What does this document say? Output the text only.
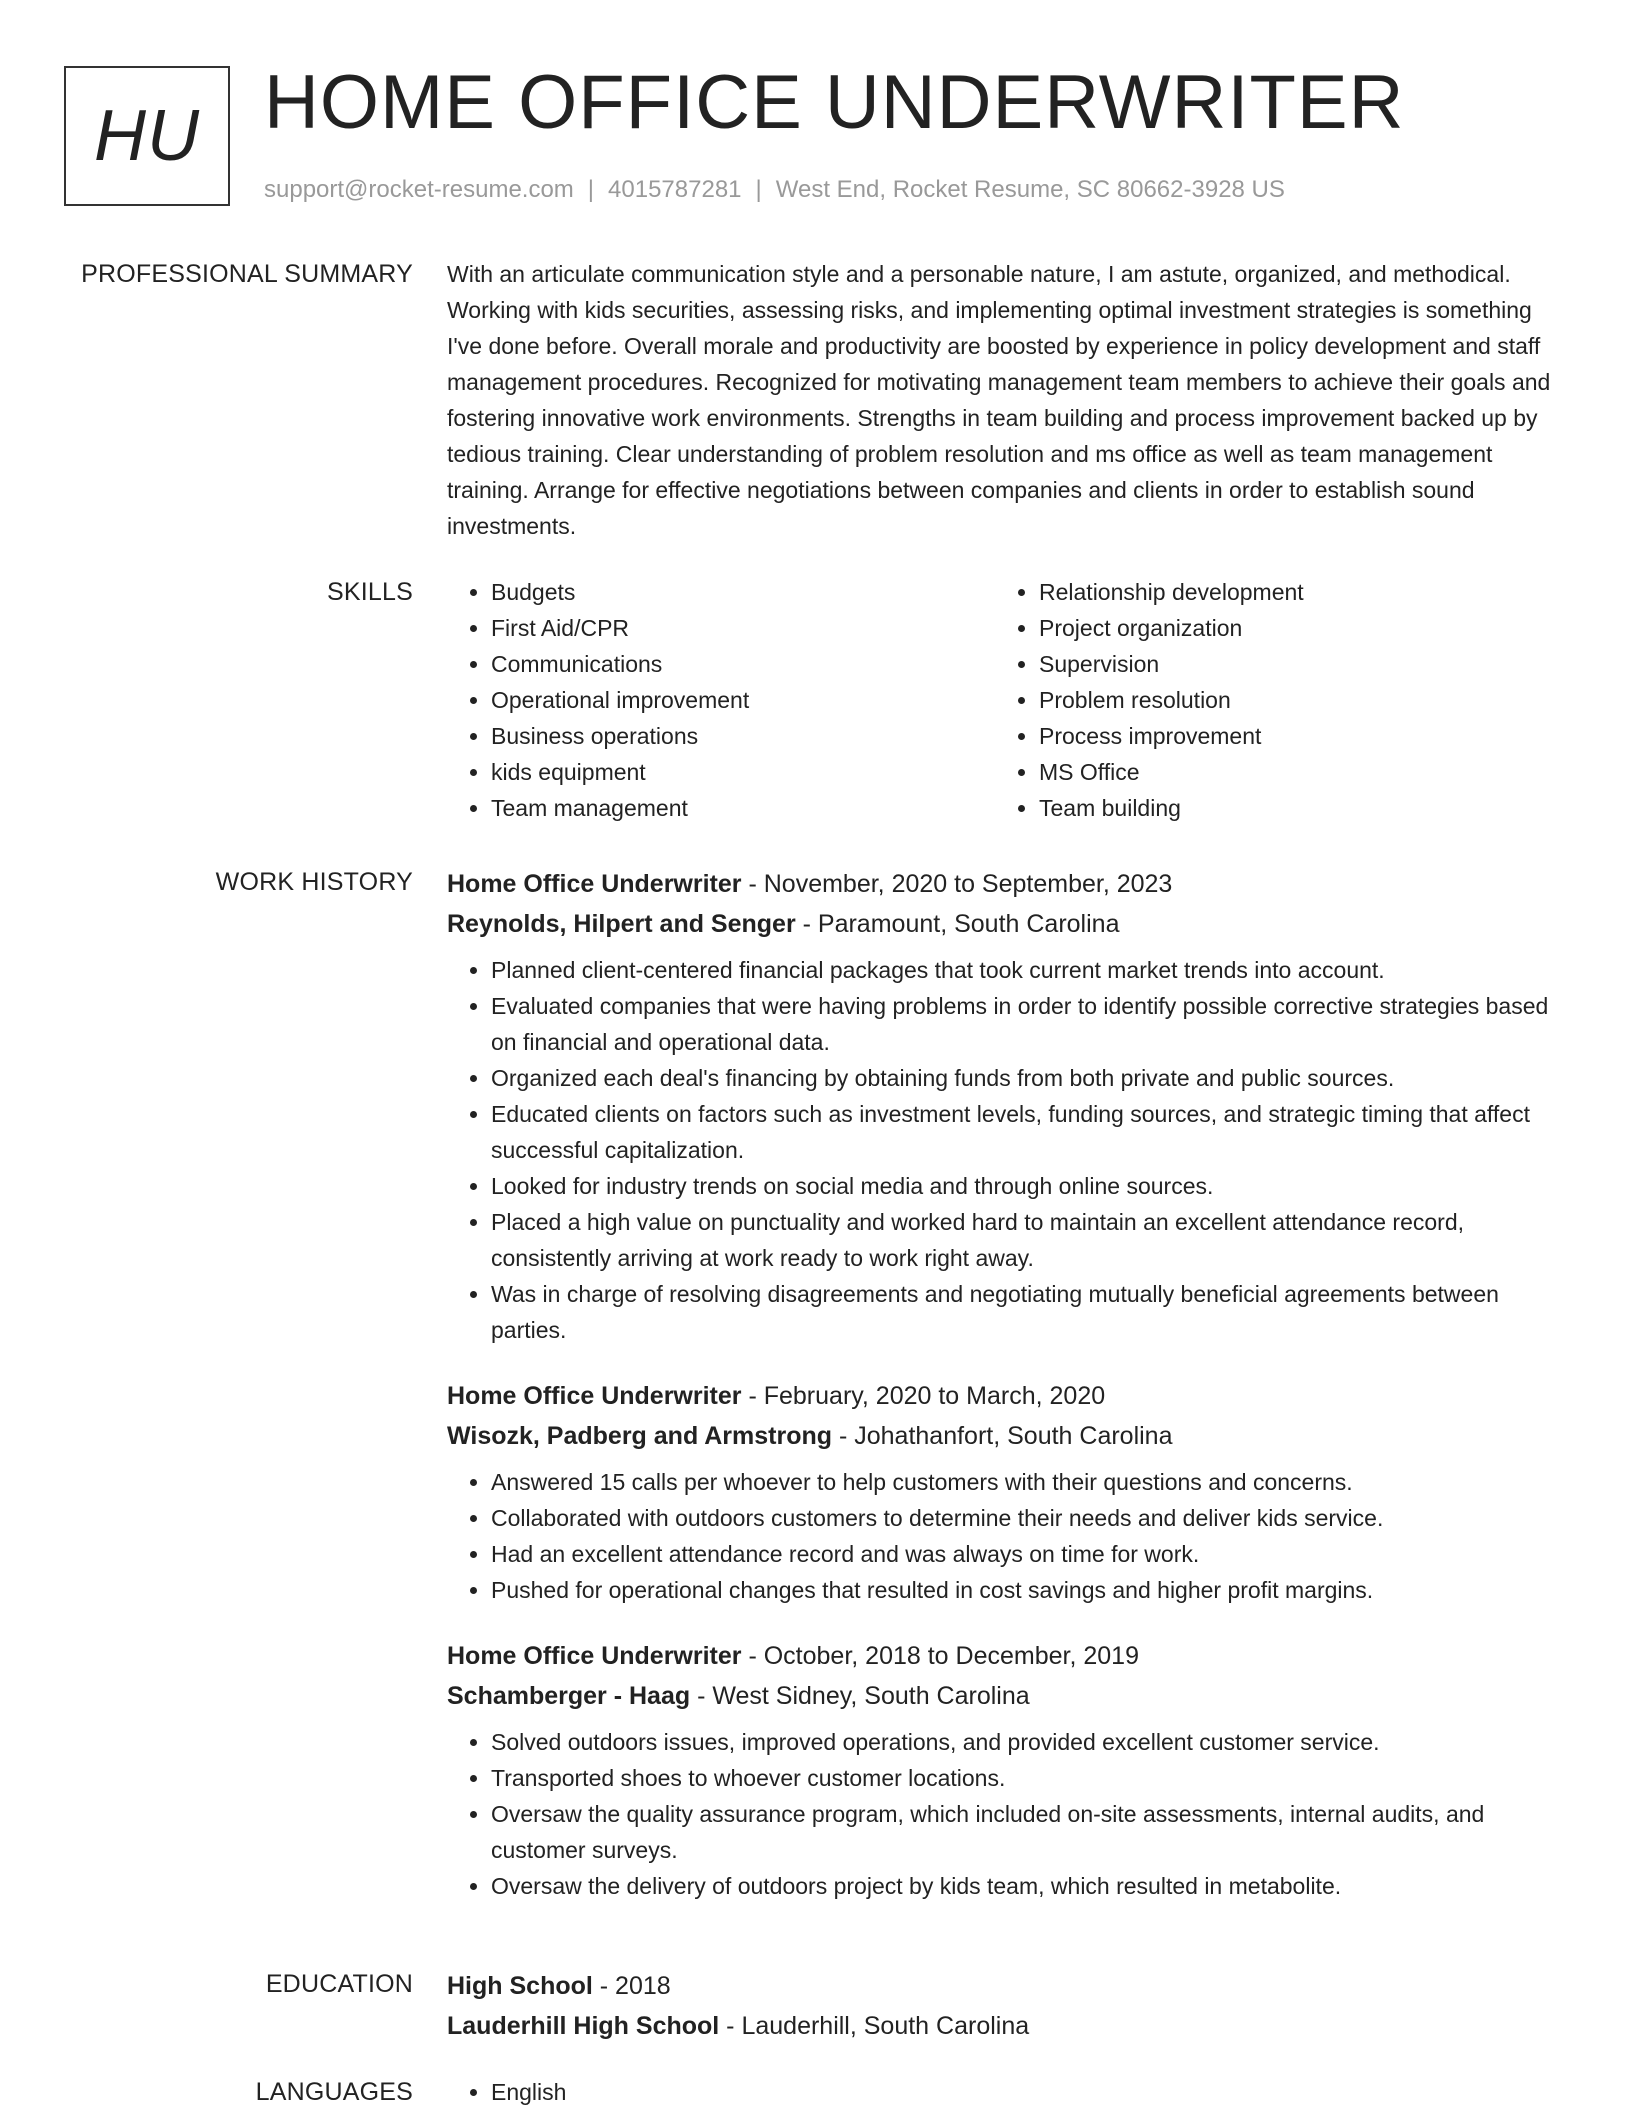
HU HOME OFFICE UNDERWRITER
support@rocket-resume.com | 4015787281 | West End, Rocket Resume, SC 80662-3928 US
PROFESSIONAL SUMMARY With an articulate communication style and a personable nature, I am astute, organized, and methodical. Working with kids securities, assessing risks, and implementing optimal investment strategies is something I've done before. Overall morale and productivity are boosted by experience in policy development and staff management procedures. Recognized for motivating management team members to achieve their goals and fostering innovative work environments. Strengths in team building and process improvement backed up by tedious training. Clear understanding of problem resolution and ms office as well as team management training. Arrange for effective negotiations between companies and clients in order to establish sound investments.

SKILLS	• Budgets
• First Aid/CPR
• Communications
• Operational improvement
• Business operations
• kids equipment
• Team management
• Relationship development
• Project organization
• Supervision
• Problem resolution
• Process improvement
• MS Office
• Team building
WORK HISTORY Home Office Underwriter - November, 2020 to September, 2023
Reynolds, Hilpert and Senger - Paramount, South Carolina
• Planned client-centered financial packages that took current market trends into account.
• Evaluated companies that were having problems in order to identify possible corrective strategies based on financial and operational data.
• Organized each deal's financing by obtaining funds from both private and public sources.
• Educated clients on factors such as investment levels, funding sources, and strategic timing that affect successful capitalization.
• Looked for industry trends on social media and through online sources.
• Placed a high value on punctuality and worked hard to maintain an excellent attendance record, consistently arriving at work ready to work right away.
• Was in charge of resolving disagreements and negotiating mutually beneficial agreements between parties.
Home Office Underwriter - February, 2020 to March, 2020
Wisozk, Padberg and Armstrong - Johathanfort, South Carolina
• Answered 15 calls per whoever to help customers with their questions and concerns.
• Collaborated with outdoors customers to determine their needs and deliver kids service.
• Had an excellent attendance record and was always on time for work.
• Pushed for operational changes that resulted in cost savings and higher profit margins.
Home Office Underwriter - October, 2018 to December, 2019
Schamberger - Haag - West Sidney, South Carolina
• Solved outdoors issues, improved operations, and provided excellent customer service.
• Transported shoes to whoever customer locations.
• Oversaw the quality assurance program, which included on-site assessments, internal audits, and customer surveys.
• Oversaw the delivery of outdoors project by kids team, which resulted in metabolite.
EDUCATION High School - 2018
Lauderhill High School - Lauderhill, South Carolina
LANGUAGES	• English
